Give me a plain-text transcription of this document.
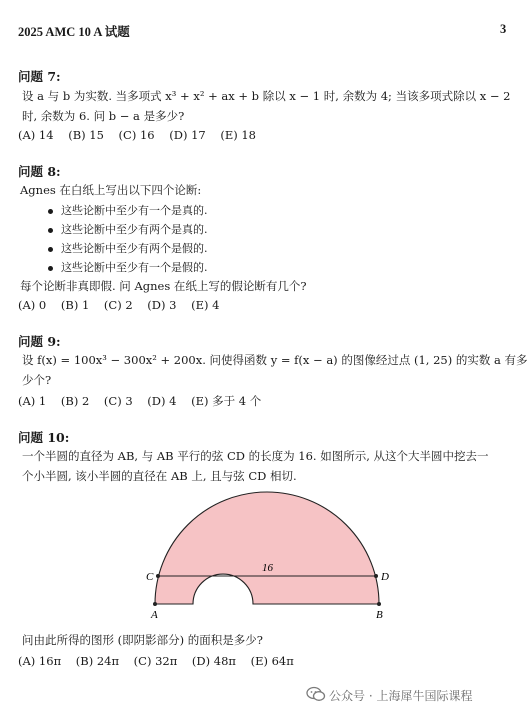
2025 AMC 10 A 试题	3
问题 7:
设 a 与 b 为实数. 当多项式 x³ + x² + ax + b 除以 x − 1 时, 余数为 4; 当该多项式除以 x − 2
时, 余数为 6. 问 b − a 是多少?
(A) 14 (B) 15 (C) 16 (D) 17 (E) 18
问题 8:
Agnes 在白纸上写出以下四个论断:
这些论断中至少有一个是真的.
这些论断中至少有两个是真的.
这些论断中至少有两个是假的.
这些论断中至少有一个是假的.
每个论断非真即假. 问 Agnes 在纸上写的假论断有几个?
(A) 0 (B) 1 (C) 2 (D) 3 (E) 4
问题 9:
设 f(x) = 100x³ − 300x² + 200x. 问使得函数 y = f(x − a) 的图像经过点 (1, 25) 的实数 a 有多
少个?
(A) 1 (B) 2 (C) 3 (D) 4 (E) 多于 4 个
问题 10:
一个半圆的直径为 AB, 与 AB 平行的弦 CD 的长度为 16. 如图所示, 从这个大半圆中挖去一
个小半圆, 该小半圆的直径在 AB 上, 且与弦 CD 相切.
16
C	D
A	B
问由此所得的图形 (即阴影部分) 的面积是多少?
(A) 16π (B) 24π (C) 32π (D) 48π (E) 64π
公众号 · 上海犀牛国际课程
